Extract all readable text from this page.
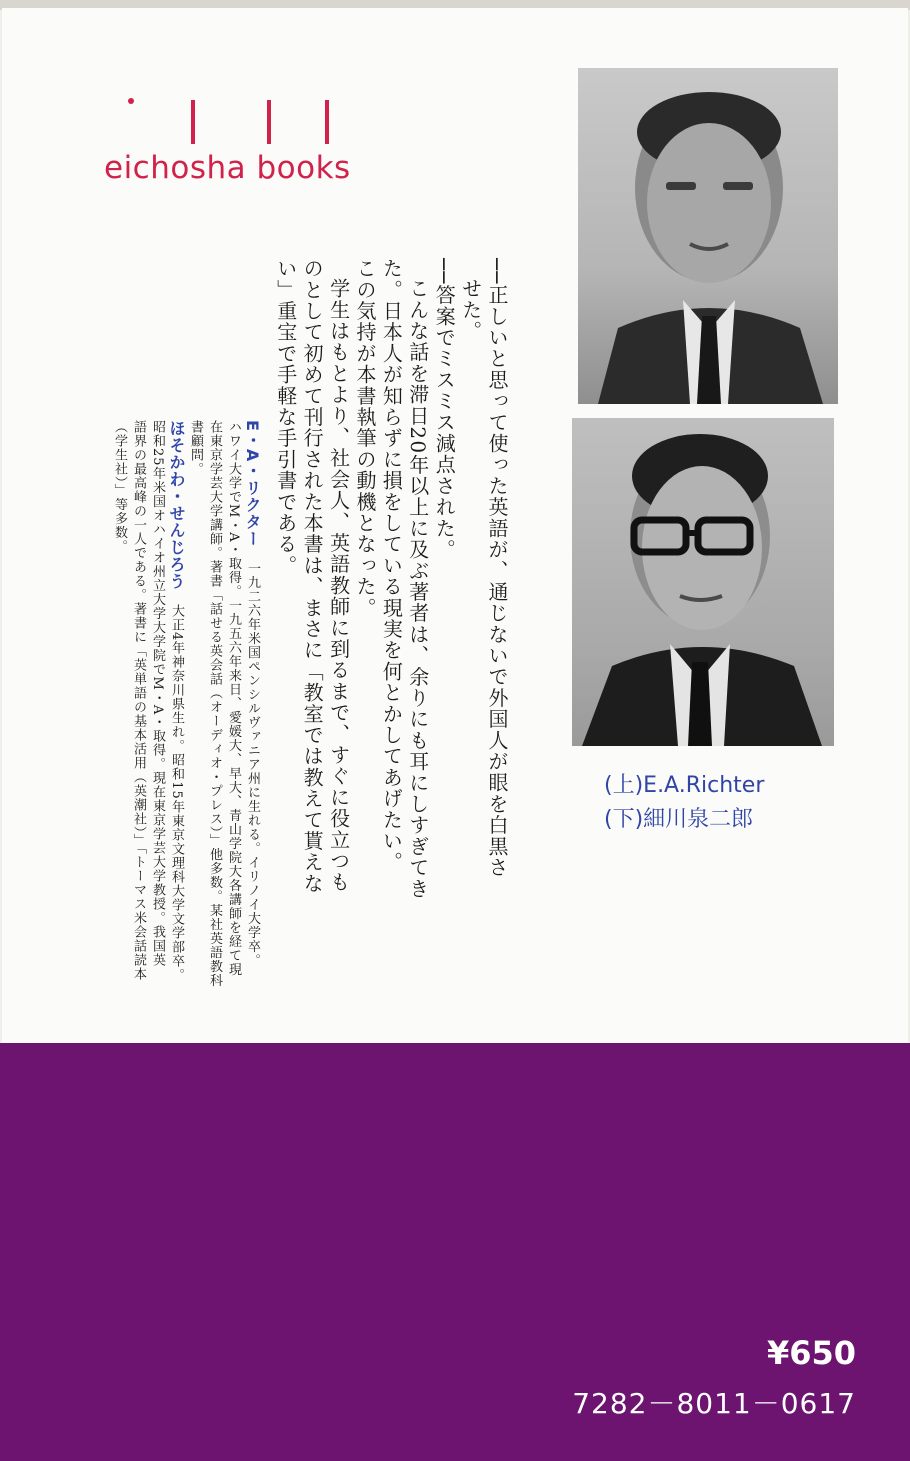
eichosha books
──正しいと思って使った英語が、通じないで外国人が眼を白黒さ
せた。
──答案でミスミス減点された。
こんな話を滞日20年以上に及ぶ著者は、余りにも耳にしすぎてき
た。日本人が知らずに損をしている現実を何とかしてあげたい。
この気持が本書執筆の動機となった。
学生はもとより、社会人、英語教師に到るまで、すぐに役立つも
のとして初めて刊行された本書は、まさに「教室では教えて貰えな
い」重宝で手軽な手引書である。
E・A・リクター　一九二六年米国ペンシルヴァニア州に生れる。イリノイ大学卒。
ハワイ大学でM・A・取得。一九五六年来日、愛媛大、早大、青山学院大各講師を経て現
在東京学芸大学講師。著書「話せる英会話（オーディオ・プレス）」他多数。某社英語教科
書顧問。
ほそかわ・せんじろう　大正4年神奈川県生れ。昭和15年東京文理科大学文学部卒。
昭和25年米国オハイオ州立大学大学院でM・A・取得。現在東京学芸大学教授。我国英
語界の最高峰の一人である。著書に「英単語の基本活用（英潮社）」「トーマス米会話読本
（学生社）」等多数。
(上)E.A.Richter
(下)細川泉二郎
¥650
7282－8011－0617
